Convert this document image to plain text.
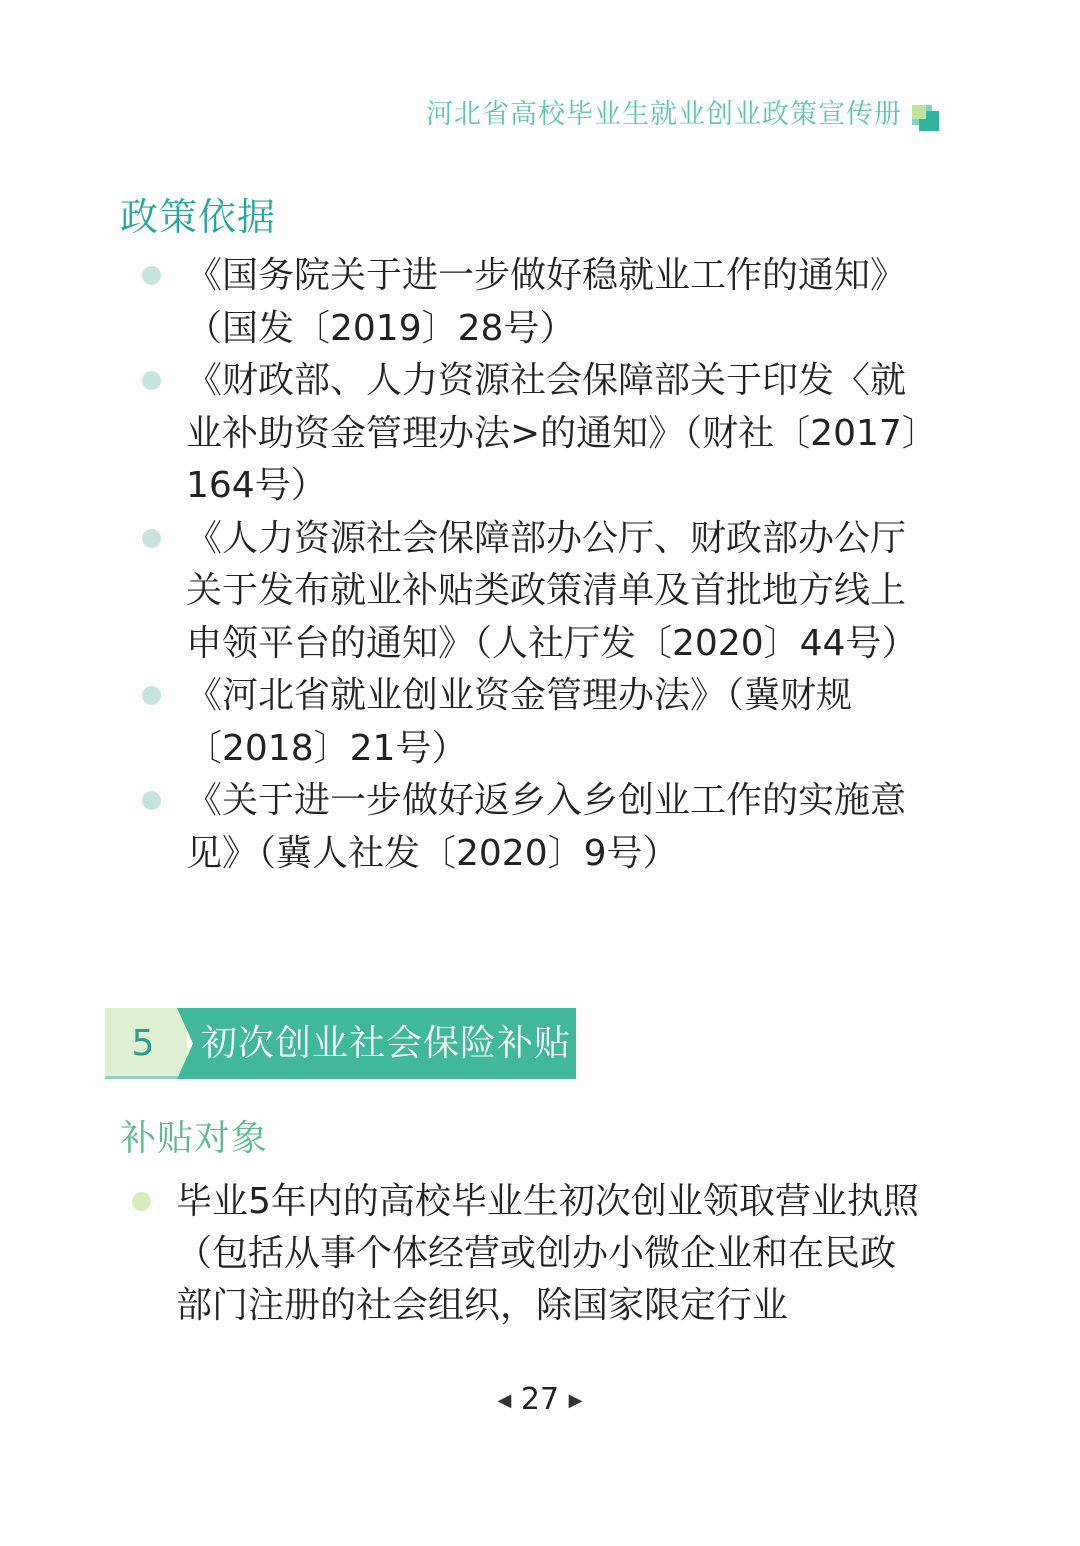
河北省高校毕业生就业创业政策宣传册
政策依据
《国务院关于进一步做好稳就业工作的通知》（国发〔2019〕28号）
《财政部、人力资源社会保障部关于印发〈就业补助资金管理办法>的通知》（财社〔2017〕164号）
《人力资源社会保障部办公厅、财政部办公厅关于发布就业补贴类政策清单及首批地方线上申领平台的通知》（人社厅发〔2020〕44号）
《河北省就业创业资金管理办法》（冀财规〔2018〕21号）
《关于进一步做好返乡入乡创业工作的实施意见》（冀人社发〔2020〕9号）
5	初次创业社会保险补贴
补贴对象
毕业5年内的高校毕业生初次创业领取营业执照（包括从事个体经营或创办小微企业和在民政部门注册的社会组织，除国家限定行业
◀ 27 ▶
